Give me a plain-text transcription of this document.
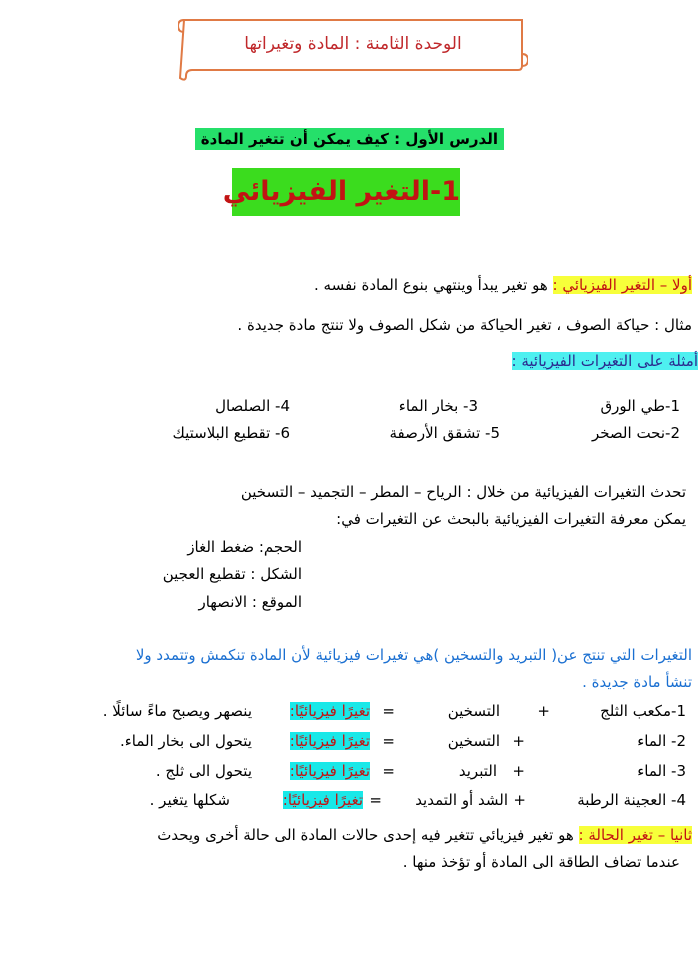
الوحدة الثامنة : المادة وتغيراتها
الدرس الأول : كيف يمكن أن تتغير المادة
1-التغير الفيزيائي
أولا – التغير الفيزيائي : هو تغير يبدأ وينتهي بنوع المادة نفسه .
مثال : حياكة الصوف ، تغير الحياكة من شكل الصوف ولا تنتج مادة جديدة .
أمثلة على التغيرات الفيزيائية :
1-طي الورق
3- بخار الماء
4- الصلصال
2-نحت الصخر
5- تشقق الأرصفة
6- تقطيع البلاستيك
تحدث التغيرات الفيزيائية من خلال : الرياح – المطر – التجميد – التسخين
يمكن معرفة التغيرات الفيزيائية بالبحث عن التغيرات في:
الحجم: ضغط الغاز
الشكل : تقطيع العجين
الموقع : الانصهار
التغيرات التي تنتج عن( التبريد والتسخين )هي تغيرات فيزيائية لأن المادة تنكمش وتتمدد ولا
تنشأ مادة جديدة .
1-مكعب الثلج
+
التسخين
=
تغيرًا فيزيائيًا:
ينصهر ويصبح ماءً سائلًا .
2- الماء
+
التسخين
=
تغيرًا فيزيائيًا:
يتحول الى بخار الماء.
3- الماء
+
التبريد
=
تغيرًا فيزيائيًا:
يتحول الى ثلج .
4- العجينة الرطبة
+
الشد أو التمديد
=
تغيرًا فيزيائيًا:
شكلها يتغير .
ثانيا – تغير الحالة : هو تغير فيزيائي تتغير فيه إحدى حالات المادة الى حالة أخرى ويحدث
عندما تضاف الطاقة الى المادة أو تؤخذ منها .
